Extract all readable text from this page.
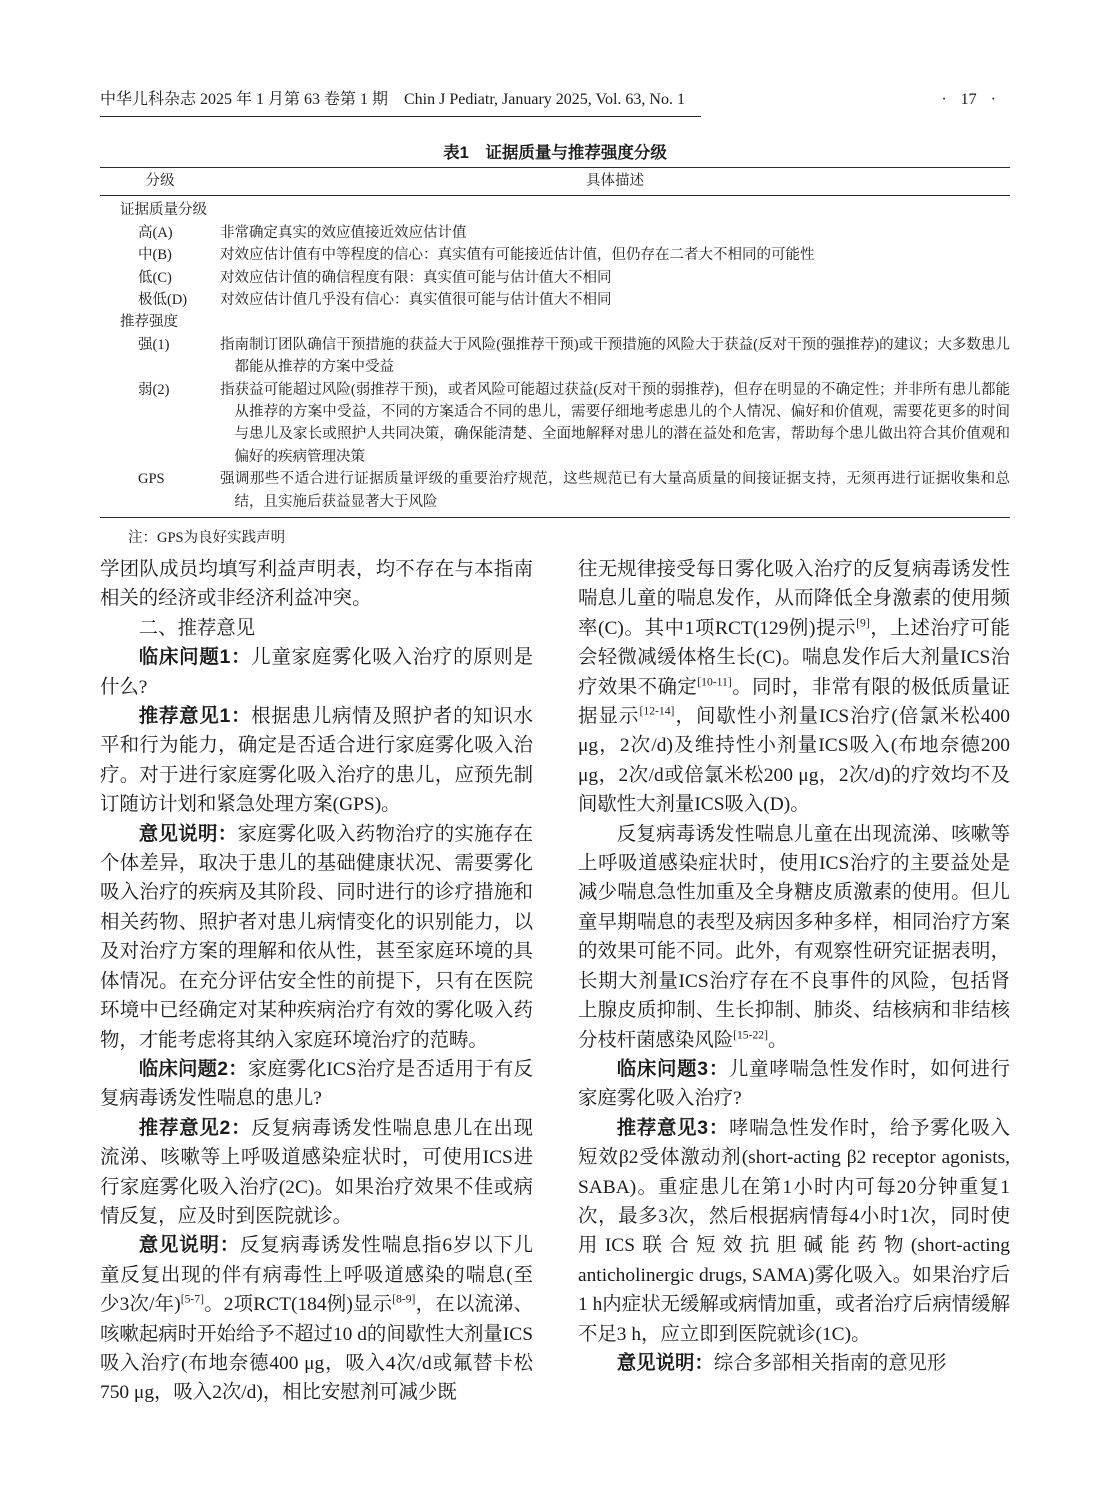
中华儿科杂志 2025 年 1 月第 63 卷第 1 期　Chin J Pediatr, January 2025, Vol. 63, No. 1	· 17 ·
表1　证据质量与推荐强度分级
分级	具体描述
证据质量分级
高(A)	非常确定真实的效应值接近效应估计值
中(B)	对效应估计值有中等程度的信心：真实值有可能接近估计值，但仍存在二者大不相同的可能性
低(C)	对效应估计值的确信程度有限：真实值可能与估计值大不相同
极低(D)	对效应估计值几乎没有信心：真实值很可能与估计值大不相同
推荐强度
强(1)	指南制订团队确信干预措施的获益大于风险(强推荐干预)或干预措施的风险大于获益(反对干预的强推荐)的建议；大多数患儿都能从推荐的方案中受益
弱(2)	指获益可能超过风险(弱推荐干预)，或者风险可能超过获益(反对干预的弱推荐)，但存在明显的不确定性；并非所有患儿都能从推荐的方案中受益，不同的方案适合不同的患儿，需要仔细地考虑患儿的个人情况、偏好和价值观，需要花更多的时间与患儿及家长或照护人共同决策，确保能清楚、全面地解释对患儿的潜在益处和危害，帮助每个患儿做出符合其价值观和偏好的疾病管理决策
GPS	强调那些不适合进行证据质量评级的重要治疗规范，这些规范已有大量高质量的间接证据支持，无须再进行证据收集和总结，且实施后获益显著大于风险
注：GPS为良好实践声明

学团队成员均填写利益声明表，均不存在与本指南相关的经济或非经济利益冲突。

二、推荐意见

临床问题1：儿童家庭雾化吸入治疗的原则是什么?

推荐意见1：根据患儿病情及照护者的知识水平和行为能力，确定是否适合进行家庭雾化吸入治疗。对于进行家庭雾化吸入治疗的患儿，应预先制订随访计划和紧急处理方案(GPS)。

意见说明：家庭雾化吸入药物治疗的实施存在个体差异，取决于患儿的基础健康状况、需要雾化吸入治疗的疾病及其阶段、同时进行的诊疗措施和相关药物、照护者对患儿病情变化的识别能力，以及对治疗方案的理解和依从性，甚至家庭环境的具体情况。在充分评估安全性的前提下，只有在医院环境中已经确定对某种疾病治疗有效的雾化吸入药物，才能考虑将其纳入家庭环境治疗的范畴。

临床问题2：家庭雾化ICS治疗是否适用于有反复病毒诱发性喘息的患儿?

推荐意见2：反复病毒诱发性喘息患儿在出现流涕、咳嗽等上呼吸道感染症状时，可使用ICS进行家庭雾化吸入治疗(2C)。如果治疗效果不佳或病情反复，应及时到医院就诊。

意见说明：反复病毒诱发性喘息指6岁以下儿童反复出现的伴有病毒性上呼吸道感染的喘息(至少3次/年)[5-7]。2项RCT(184例)显示[8-9]，在以流涕、咳嗽起病时开始给予不超过10 d的间歇性大剂量ICS吸入治疗(布地奈德400 μg，吸入4次/d或氟替卡松750 μg，吸入2次/d)，相比安慰剂可减少既

往无规律接受每日雾化吸入治疗的反复病毒诱发性喘息儿童的喘息发作，从而降低全身激素的使用频率(C)。其中1项RCT(129例)提示[9]，上述治疗可能会轻微减缓体格生长(C)。喘息发作后大剂量ICS治疗效果不确定[10-11]。同时，非常有限的极低质量证据显示[12-14]，间歇性小剂量ICS治疗(倍氯米松400 μg，2次/d)及维持性小剂量ICS吸入(布地奈德200 μg，2次/d或倍氯米松200 μg，2次/d)的疗效均不及间歇性大剂量ICS吸入(D)。

反复病毒诱发性喘息儿童在出现流涕、咳嗽等上呼吸道感染症状时，使用ICS治疗的主要益处是减少喘息急性加重及全身糖皮质激素的使用。但儿童早期喘息的表型及病因多种多样，相同治疗方案的效果可能不同。此外，有观察性研究证据表明，长期大剂量ICS治疗存在不良事件的风险，包括肾上腺皮质抑制、生长抑制、肺炎、结核病和非结核分枝杆菌感染风险[15-22]。

临床问题3：儿童哮喘急性发作时，如何进行家庭雾化吸入治疗?

推荐意见3：哮喘急性发作时，给予雾化吸入短效β2受体激动剂(short-acting β2 receptor agonists, SABA)。重症患儿在第1小时内可每20分钟重复1次，最多3次，然后根据病情每4小时1次，同时使用ICS联合短效抗胆碱能药物(short-acting anticholinergic drugs, SAMA)雾化吸入。如果治疗后1 h内症状无缓解或病情加重，或者治疗后病情缓解不足3 h，应立即到医院就诊(1C)。

意见说明：综合多部相关指南的意见形
